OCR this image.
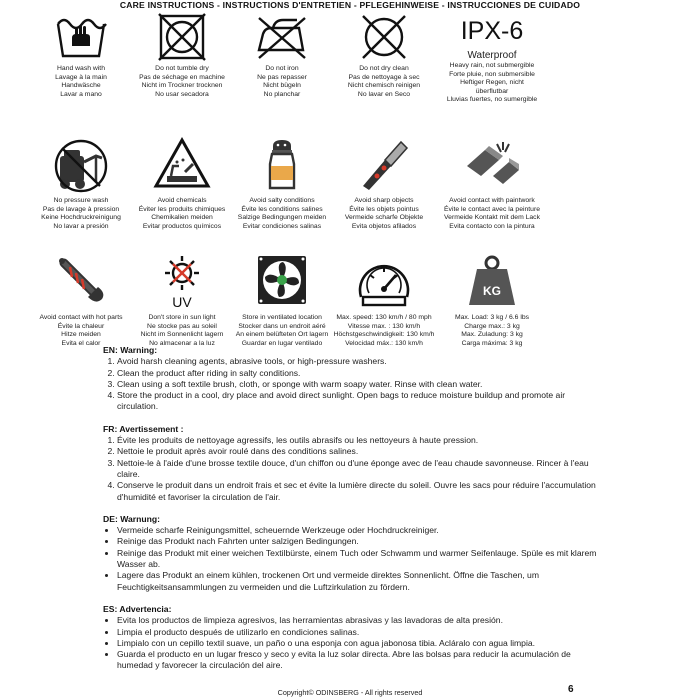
CARE INSTRUCTIONS - INSTRUCTIONS D'ENTRETIEN - PFLEGEHINWEISE - INSTRUCCIONES DE CUIDADO
Hand wash with
Lavage à la main
Handwäsche
Lavar a mano
Do not tumble dry
Pas de séchage en machine
Nicht im Trockner trocknen
No usar secadora
Do not iron
Ne pas repasser
Nicht bügeln
No planchar
Do not dry clean
Pas de nettoyage à sec
Nicht chemisch reinigen
No lavar en Seco
IPX-6
Waterproof
Heavy rain, not submergible
Forte pluie, non submersible
Heftiger Regen, nicht
überflutbar
Lluvias fuertes, no sumergible
No pressure wash
Pas de lavage à pression
Keine Hochdruckreinigung
No lavar a presión
Avoid chemicals
Éviter les produits chimiques
Chemikalien meiden
Evitar productos químicos
Avoid salty conditions
Évite les conditions salines
Salzige Bedingungen meiden
Evitar condiciones salinas
Avoid sharp objects
Évite les objets pointus
Vermeide scharfe Objekte
Evita objetos afilados
Avoid contact with paintwork
Évite le contact avec la peinture
Vermeide Kontakt mit dem Lack
Evita contacto con la pintura
Avoid contact with hot parts
Évite la chaleur
Hitze meiden
Evita el calor
UV
Don't store in sun light
Ne stocke pas au soleil
Nicht im Sonnenlicht lagern
No almacenar a la luz
Store in ventilated location
Stocker dans un endroit aéré
An einem belüfteten Ort lagern
Guardar en lugar ventilado
Max. speed: 130 km/h / 80 mph
Vitesse max. : 130 km/h
Höchstgeschwindigkeit: 130 km/h
Velocidad máx.: 130 km/h
KG
Max. Load: 3 kg / 6.6 lbs
Charge max.: 3 kg
Max. Zuladung: 3 kg
Carga máxima: 3 kg
EN: Warning:
1. Avoid harsh cleaning agents, abrasive tools, or high-pressure washers.
2. Clean the product after riding in salty conditions.
3. Clean using a soft textile brush, cloth, or sponge with warm soapy water. Rinse with clean water.
4. Store the product in a cool, dry place and avoid direct sunlight. Open bags to reduce moisture buildup and promote air circulation.
FR: Avertissement :
1. Évite les produits de nettoyage agressifs, les outils abrasifs ou les nettoyeurs à haute pression.
2. Nettoie le produit après avoir roulé dans des conditions salines.
3. Nettoie-le à l'aide d'une brosse textile douce, d'un chiffon ou d'une éponge avec de l'eau chaude savonneuse. Rincer à l'eau claire.
4. Conserve le produit dans un endroit frais et sec et évite la lumière directe du soleil. Ouvre les sacs pour réduire l'accumulation d'humidité et favoriser la circulation de l'air.
DE: Warnung:
• Vermeide scharfe Reinigungsmittel, scheuernde Werkzeuge oder Hochdruckreiniger.
• Reinige das Produkt nach Fahrten unter salzigen Bedingungen.
• Reinige das Produkt mit einer weichen Textilbürste, einem Tuch oder Schwamm und warmer Seifenlauge. Spüle es mit klarem Wasser ab.
• Lagere das Produkt an einem kühlen, trockenen Ort und vermeide direktes Sonnenlicht. Öffne die Taschen, um Feuchtigkeitsansammlungen zu vermeiden und die Luftzirkulation zu fördern.
ES: Advertencia:
• Evita los productos de limpieza agresivos, las herramientas abrasivas y las lavadoras de alta presión.
• Limpia el producto después de utilizarlo en condiciones salinas.
• Limpialo con un cepillo textil suave, un paño o una esponja con agua jabonosa tibia. Acláralo con agua limpia.
• Guarda el producto en un lugar fresco y seco y evita la luz solar directa. Abre las bolsas para reducir la acumulación de humedad y favorecer la circulación del aire.
Copyright© ODINSBERG - All rights reserved	6
